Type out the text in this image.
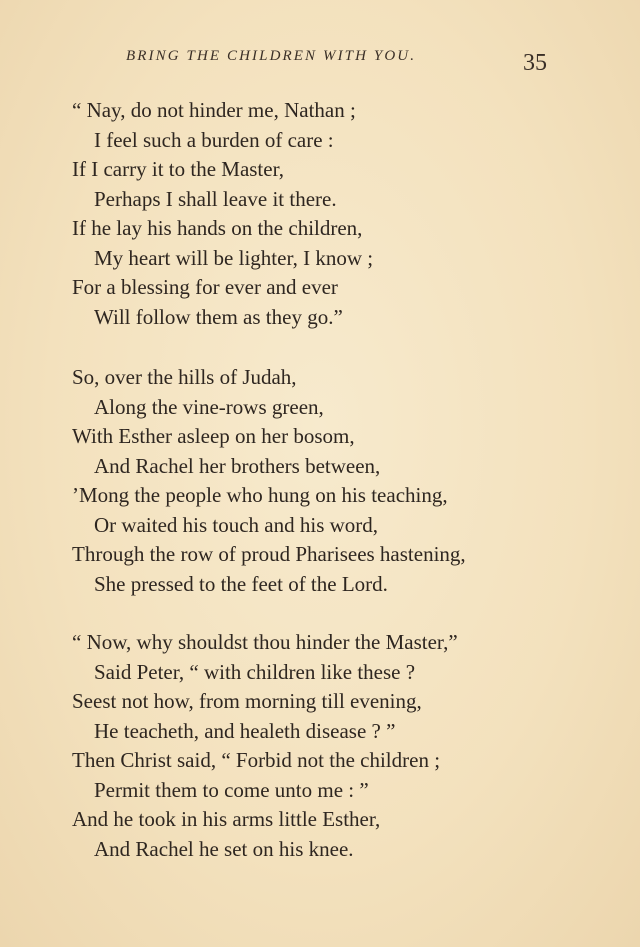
BRING THE CHILDREN WITH YOU.	35
“ Nay, do not hinder me, Nathan ;
I feel such a burden of care :
If I carry it to the Master,
Perhaps I shall leave it there.
If he lay his hands on the children,
My heart will be lighter, I know ;
For a blessing for ever and ever
Will follow them as they go.”
So, over the hills of Judah,
Along the vine-rows green,
With Esther asleep on her bosom,
And Rachel her brothers between,
’Mong the people who hung on his teaching,
Or waited his touch and his word,
Through the row of proud Pharisees hastening,
She pressed to the feet of the Lord.
“ Now, why shouldst thou hinder the Master,”
Said Peter, “ with children like these ?
Seest not how, from morning till evening,
He teacheth, and healeth disease ? ”
Then Christ said, “ Forbid not the children ;
Permit them to come unto me : ”
And he took in his arms little Esther,
And Rachel he set on his knee.
